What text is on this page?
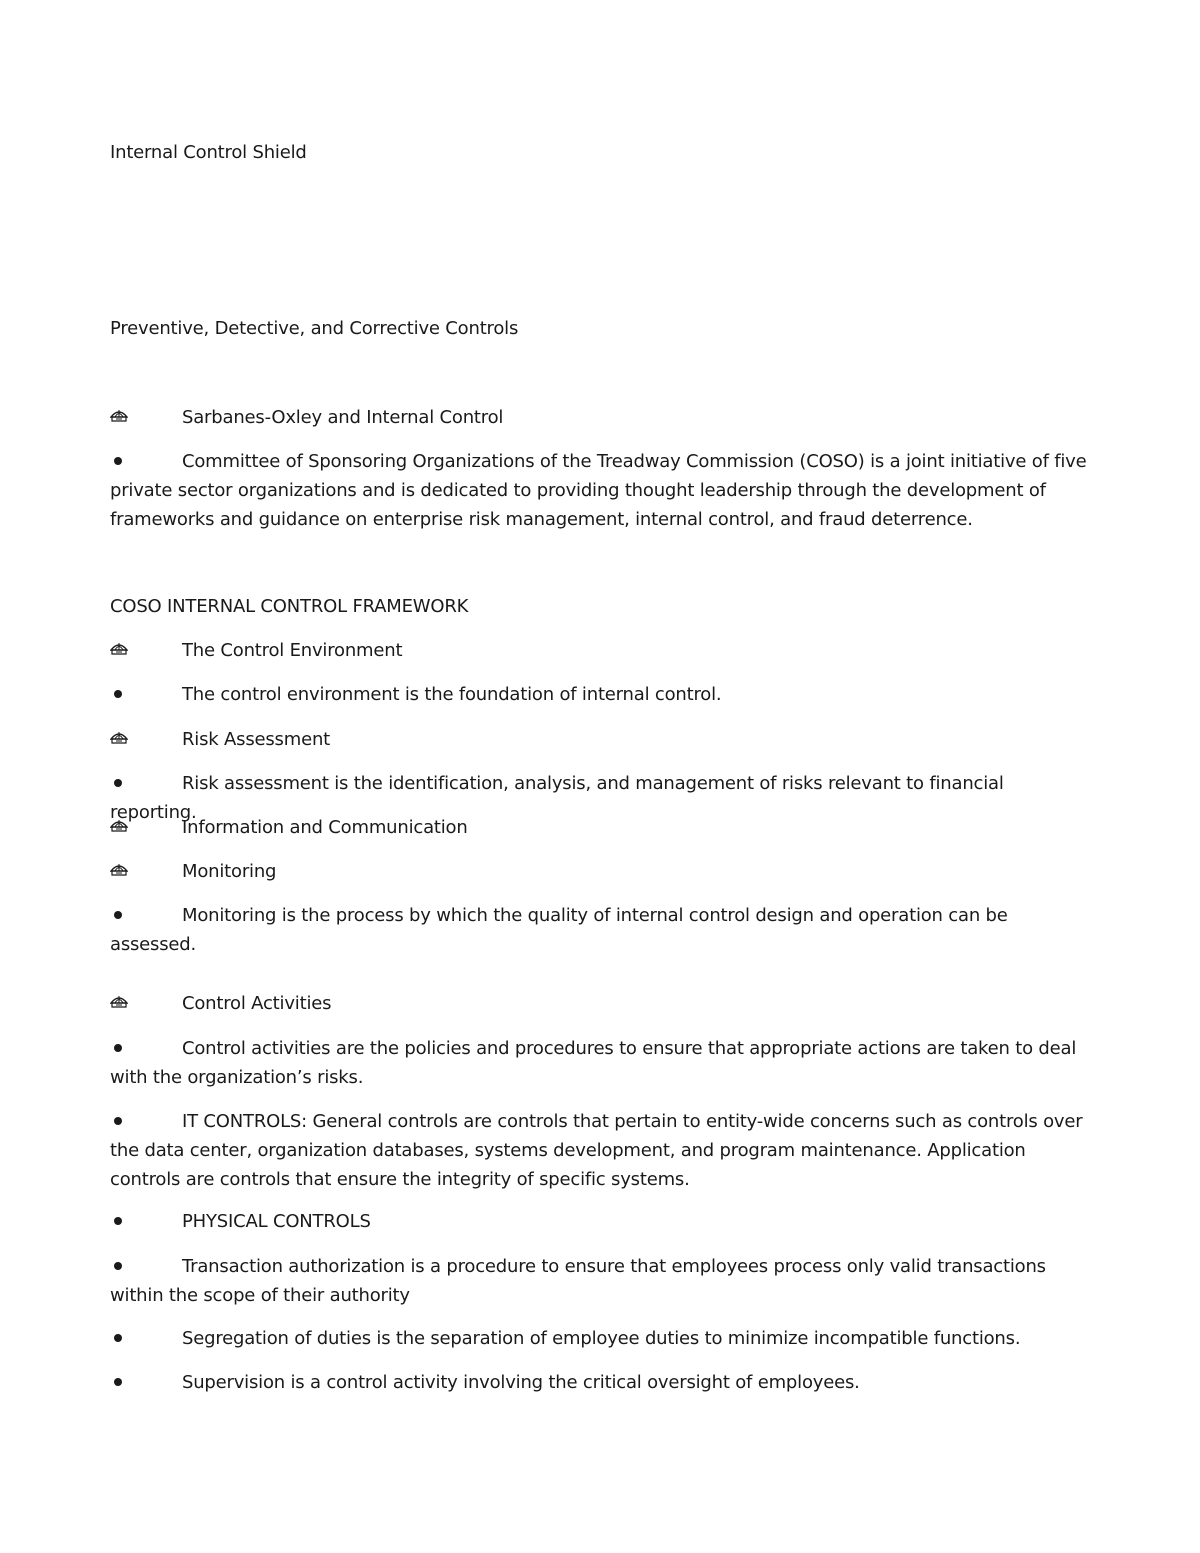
Internal Control Shield
Preventive, Detective, and Corrective Controls
Sarbanes-Oxley and Internal Control
Committee of Sponsoring Organizations of the Treadway Commission (COSO) is a joint initiative of five private sector organizations and is dedicated to providing thought leadership through the development of frameworks and guidance on enterprise risk management, internal control, and fraud deterrence.
COSO INTERNAL CONTROL FRAMEWORK
The Control Environment
The control environment is the foundation of internal control.
Risk Assessment
Risk assessment is the identification, analysis, and management of risks relevant to financial reporting.
Information and Communication
Monitoring
Monitoring is the process by which the quality of internal control design and operation can be assessed.
Control Activities
Control activities are the policies and procedures to ensure that appropriate actions are taken to deal with the organization’s risks.
IT CONTROLS: General controls are controls that pertain to entity-wide concerns such as controls over the data center, organization databases, systems development, and program maintenance. Application controls are controls that ensure the integrity of specific systems.
PHYSICAL CONTROLS
Transaction authorization is a procedure to ensure that employees process only valid transactions within the scope of their authority
Segregation of duties is the separation of employee duties to minimize incompatible functions.
Supervision is a control activity involving the critical oversight of employees.
